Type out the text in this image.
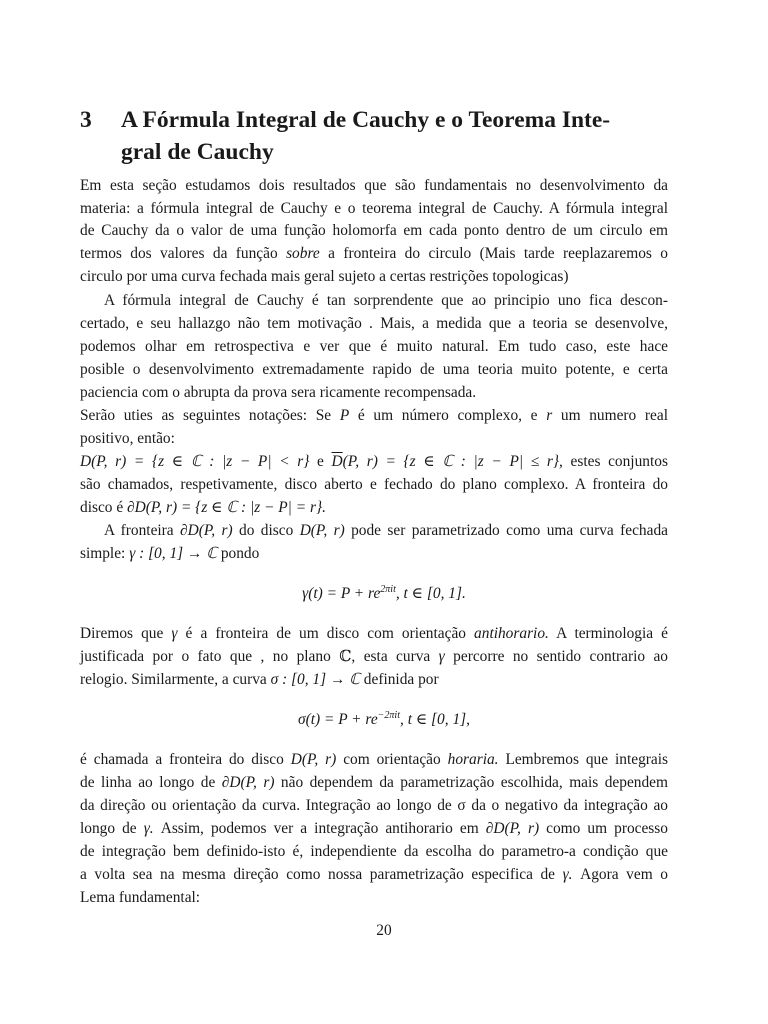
3 A Fórmula Integral de Cauchy e o Teorema Inte-
gral de Cauchy
Em esta seção estudamos dois resultados que são fundamentais no desenvolvimento da
materia: a fórmula integral de Cauchy e o teorema integral de Cauchy. A fórmula integral
de Cauchy da o valor de uma função holomorfa em cada ponto dentro de um circulo em
termos dos valores da função sobre a fronteira do circulo (Mais tarde reeplazaremos o
circulo por uma curva fechada mais geral sujeto a certas restrições topologicas)
A fórmula integral de Cauchy é tan sorprendente que ao principio uno fica descon-
certado, e seu hallazgo não tem motivação . Mais, a medida que a teoria se desenvolve,
podemos olhar em retrospectiva e ver que é muito natural. Em tudo caso, este hace
posible o desenvolvimento extremadamente rapido de uma teoria muito potente, e certa
paciencia com o abrupta da prova sera ricamente recompensada.
Serão uties as seguintes notações: Se P é um número complexo, e r um numero real
positivo, então:
D(P, r) = {z ∈ ℂ : |z − P| < r} e $\overline{D}(P$, r) = {z ∈ ℂ : |z − P| ≤ r}, estes conjuntos
são chamados, respetivamente, disco aberto e fechado do plano complexo. A fronteira do
disco é ∂D(P, r) = {z ∈ ℂ : |z − P| = r}.
A fronteira ∂D(P, r) do disco D(P, r) pode ser parametrizado como uma curva fechada
simple: γ : [0, 1] → ℂ pondo
$\gamma(t) = P + re^{2\pi it}$, t ∈ [0, 1].
Diremos que γ é a fronteira de um disco com orientação antihorario. A terminologia é
justificada por o fato que , no plano ℂ, esta curva γ percorre no sentido contrario ao
relogio. Similarmente, a curva σ : [0, 1] → ℂ definida por
$\sigma(t) = P + re^{-2\pi it}$, t ∈ [0, 1],
é chamada a fronteira do disco D(P, r) com orientação horaria. Lembremos que integrais
de linha ao longo de ∂D(P, r) não dependem da parametrização escolhida, mais dependem
da direção ou orientação da curva. Integração ao longo de σ da o negativo da integração ao
longo de γ. Assim, podemos ver a integração antihorario em ∂D(P, r) como um processo
de integração bem definido-isto é, independiente da escolha do parametro-a condição que
a volta sea na mesma direção como nossa parametrização especifica de γ. Agora vem o
Lema fundamental:
20
